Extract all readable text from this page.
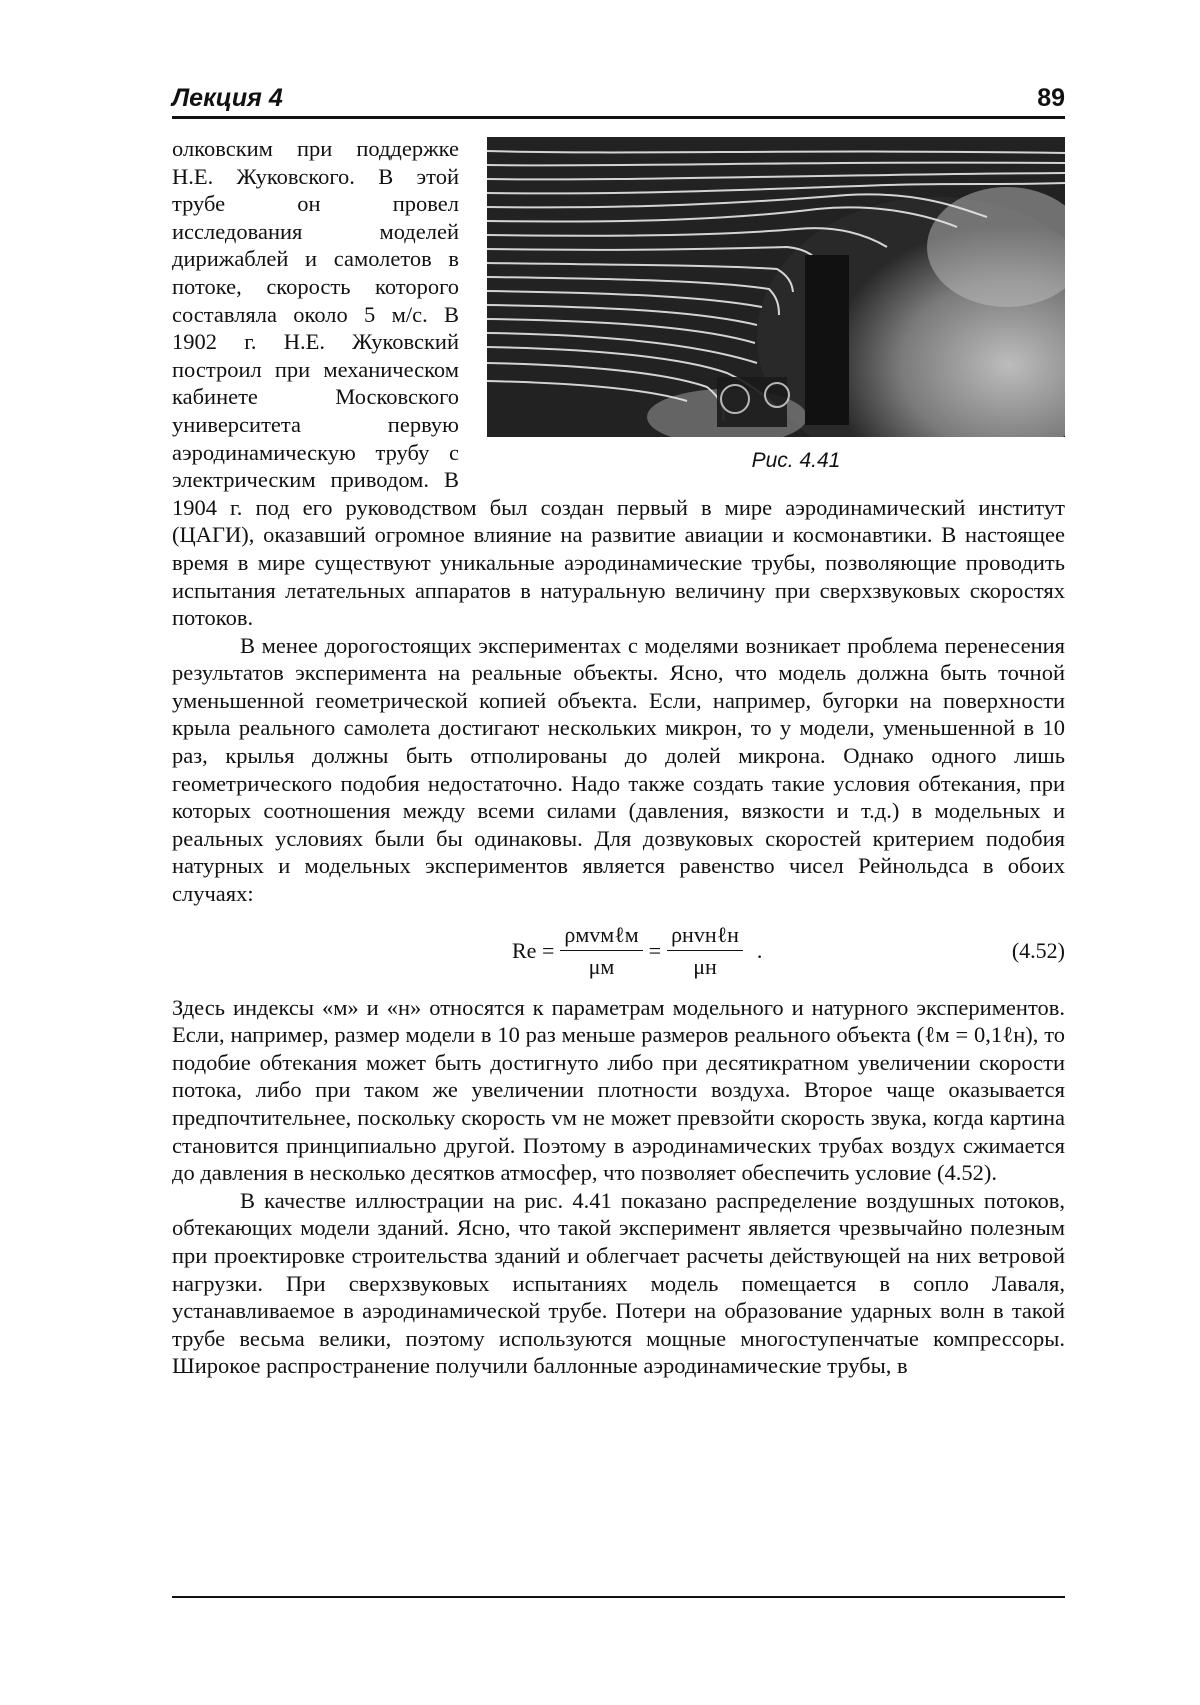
Лекция 4	89
Рис. 4.41

олковским при поддержке Н.Е. Жуковского. В этой трубе он провел исследования моделей дирижаблей и самолетов в потоке, скорость которого составляла около 5 м/с. В 1902 г. Н.Е. Жуковский построил при механическом кабинете Московского университета первую аэродинамическую трубу с электрическим приводом. В 1904 г. под его руководством был создан первый в мире аэродинамический институт (ЦАГИ), оказавший огромное влияние на развитие авиации и космонавтики. В настоящее время в мире существуют уникальные аэродинамические трубы, позволяющие проводить испытания летательных аппаратов в натуральную величину при сверхзвуковых скоростях потоков.

В менее дорогостоящих экспериментах с моделями возникает проблема перенесения результатов эксперимента на реальные объекты. Ясно, что модель должна быть точной уменьшенной геометрической копией объекта. Если, например, бугорки на поверхности крыла реального самолета достигают нескольких микрон, то у модели, уменьшенной в 10 раз, крылья должны быть отполированы до долей микрона. Однако одного лишь геометрического подобия недостаточно. Надо также создать такие условия обтекания, при которых соотношения между всеми силами (давления, вязкости и т.д.) в модельных и реальных условиях были бы одинаковы. Для дозвуковых скоростей критерием подобия натурных и модельных экспериментов является равенство чисел Рейнольдса в обоих случаях:

$Re = \frac{\text{ρмvмℓм}}{\mu м} = \frac{\text{ρнvнℓн}}{\mu н}$ .	(4.52)

Здесь индексы «м» и «н» относятся к параметрам модельного и натурного экспериментов. Если, например, размер модели в 10 раз меньше размеров реального объекта (ℓм = 0,1ℓн), то подобие обтекания может быть достигнуто либо при десятикратном увеличении скорости потока, либо при таком же увеличении плотности воздуха. Второе чаще оказывается предпочтительнее, поскольку скорость vм не может превзойти скорость звука, когда картина становится принципиально другой. Поэтому в аэродинамических трубах воздух сжимается до давления в несколько десятков атмосфер, что позволяет обеспечить условие (4.52).

В качестве иллюстрации на рис. 4.41 показано распределение воздушных потоков, обтекающих модели зданий. Ясно, что такой эксперимент является чрезвычайно полезным при проектировке строительства зданий и облегчает расчеты действующей на них ветровой нагрузки. При сверхзвуковых испытаниях модель помещается в сопло Лаваля, устанавливаемое в аэродинамической трубе. Потери на образование ударных волн в такой трубе весьма велики, поэтому используются мощные многоступенчатые компрессоры. Широкое распространение получили баллонные аэродинамические трубы, в
